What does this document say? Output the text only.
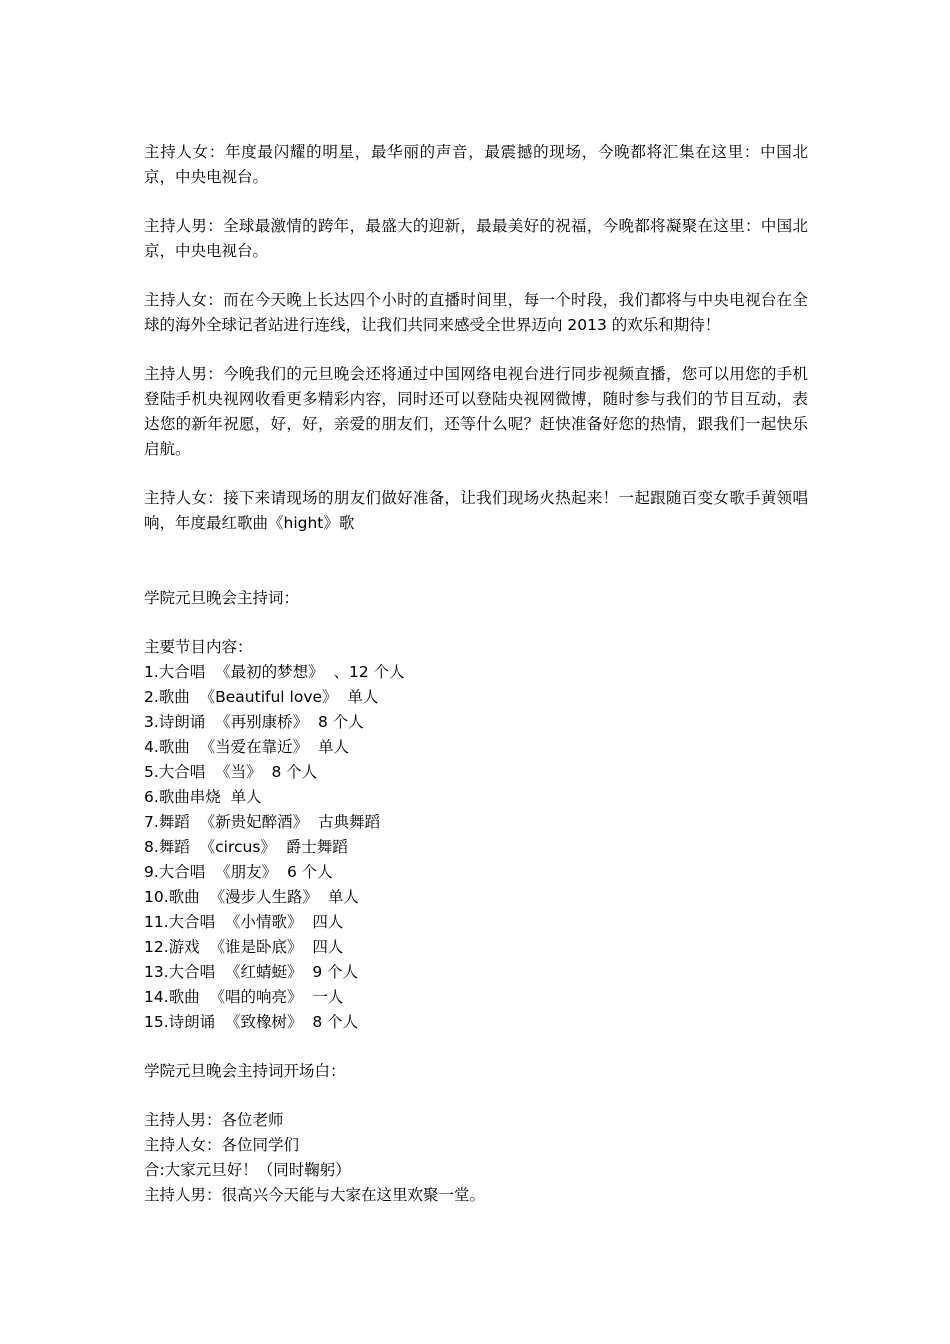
主持人女：年度最闪耀的明星，最华丽的声音，最震撼的现场，今晚都将汇集在这里：中国北京，中央电视台。

主持人男：全球最激情的跨年，最盛大的迎新，最最美好的祝福，今晚都将凝聚在这里：中国北京，中央电视台。

主持人女：而在今天晚上长达四个小时的直播时间里，每一个时段，我们都将与中央电视台在全球的海外全球记者站进行连线，让我们共同来感受全世界迈向 2013 的欢乐和期待！

主持人男：今晚我们的元旦晚会还将通过中国网络电视台进行同步视频直播，您可以用您的手机登陆手机央视网收看更多精彩内容，同时还可以登陆央视网微博，随时参与我们的节目互动，表达您的新年祝愿，好，好，亲爱的朋友们，还等什么呢？赶快准备好您的热情，跟我们一起快乐启航。

主持人女：接下来请现场的朋友们做好准备，让我们现场火热起来！一起跟随百变女歌手黄领唱响，年度最红歌曲《hight》歌

学院元旦晚会主持词：

主要节目内容：

1.大合唱  《最初的梦想》  、12 个人
2.歌曲  《Beautiful love》  单人
3.诗朗诵  《再别康桥》  8 个人
4.歌曲  《当爱在靠近》  单人
5.大合唱  《当》  8 个人
6.歌曲串烧  单人
7.舞蹈  《新贵妃醉酒》  古典舞蹈
8.舞蹈  《circus》  爵士舞蹈
9.大合唱  《朋友》  6 个人
10.歌曲  《漫步人生路》  单人
11.大合唱  《小情歌》  四人
12.游戏  《谁是卧底》  四人
13.大合唱  《红蜻蜓》  9 个人
14.歌曲  《唱的响亮》  一人
15.诗朗诵  《致橡树》  8 个人

学院元旦晚会主持词开场白：

主持人男：各位老师

主持人女：各位同学们

合:大家元旦好！（同时鞠躬）

主持人男：很高兴今天能与大家在这里欢聚一堂。
